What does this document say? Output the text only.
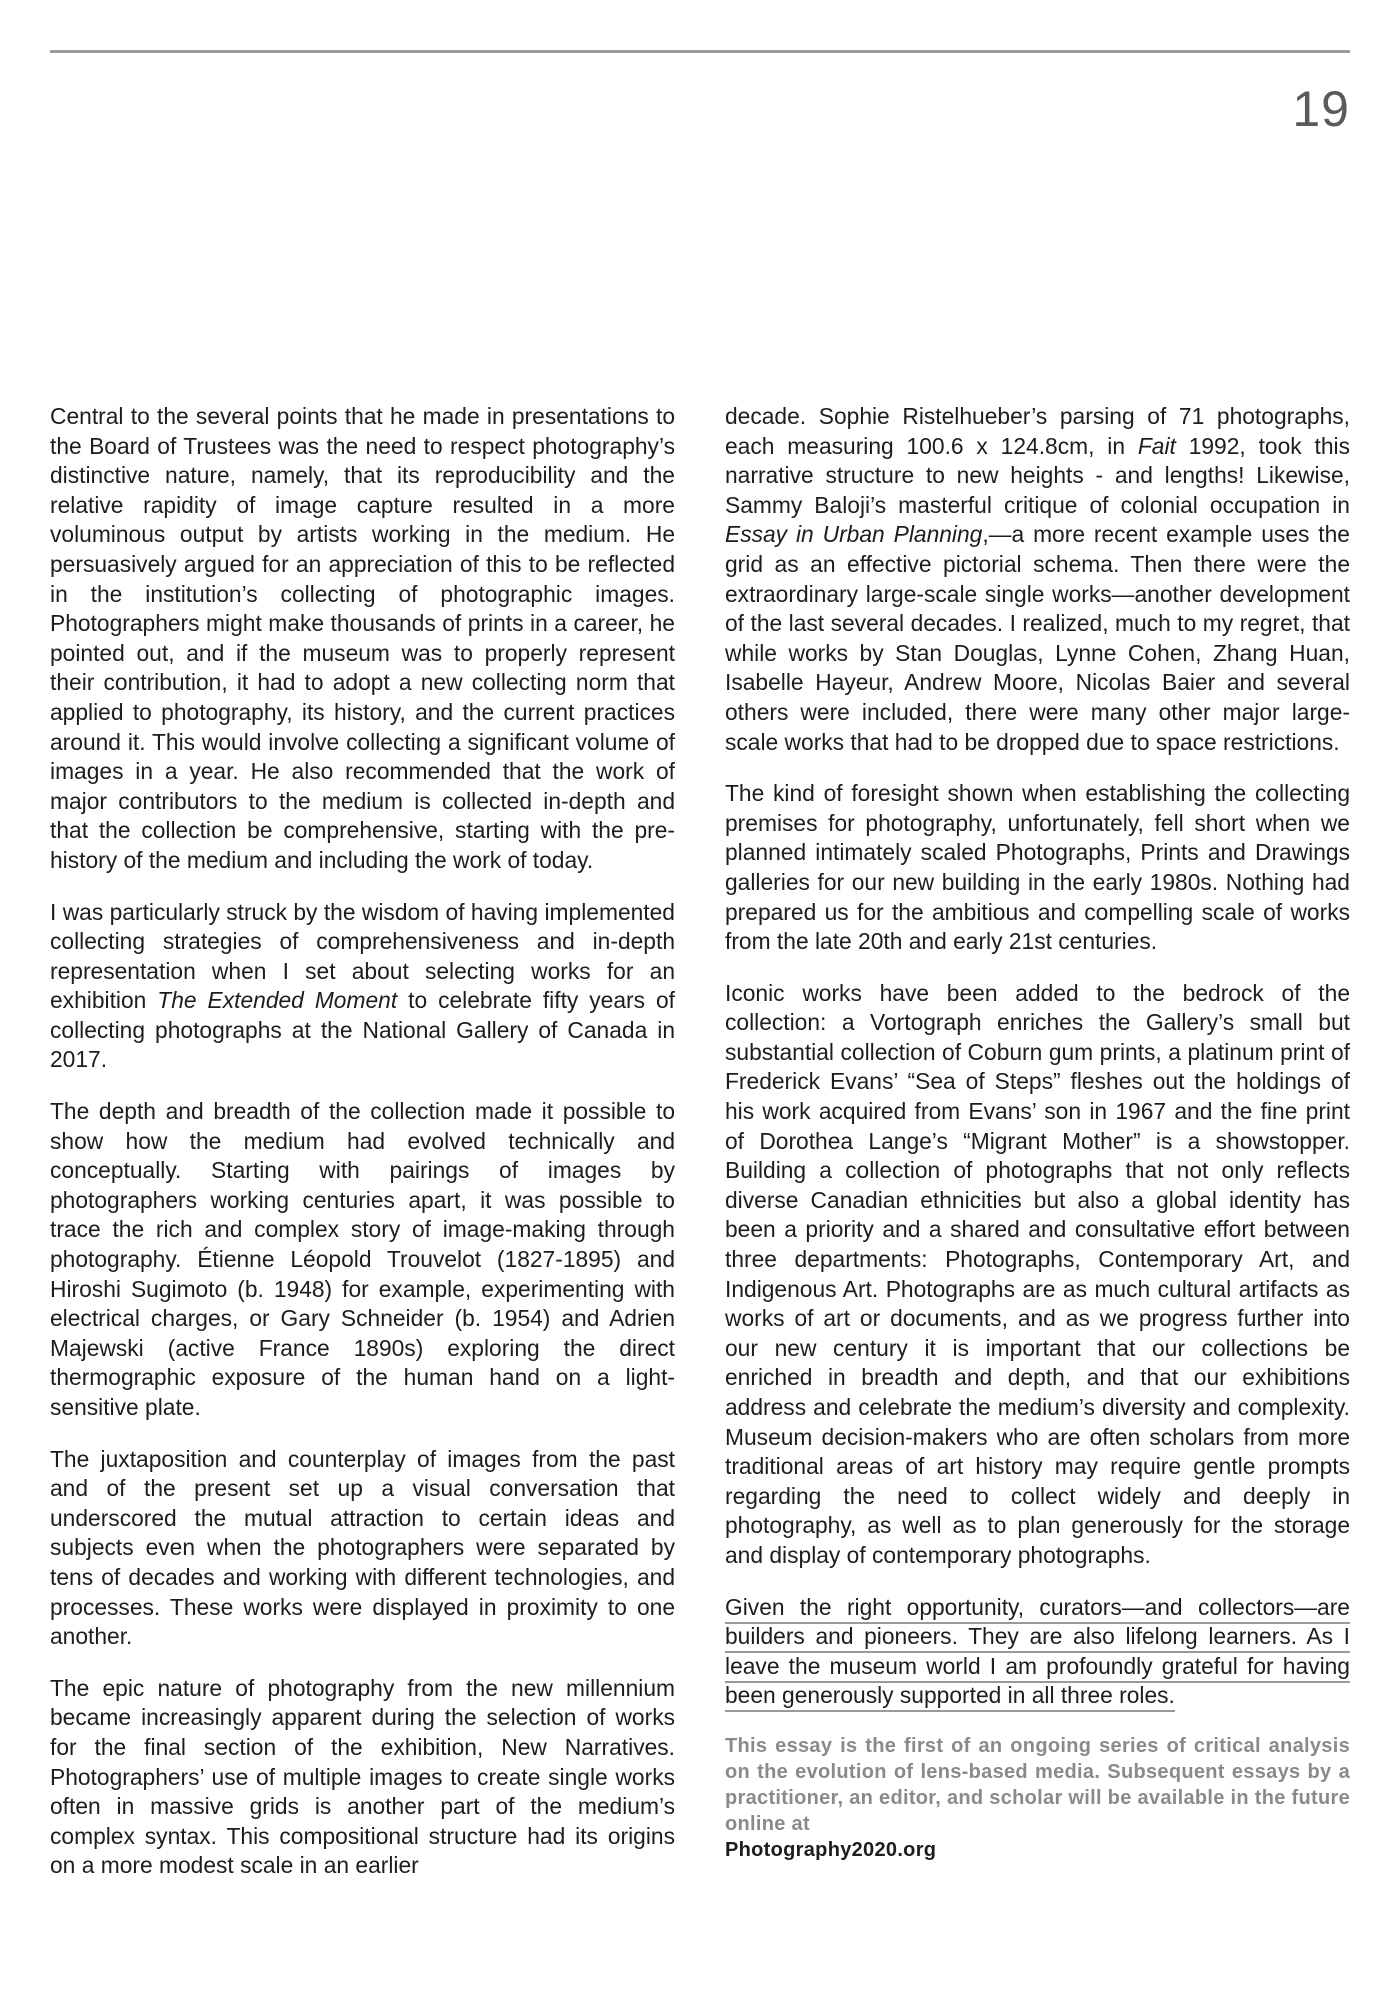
19

Central to the several points that he made in presentations to the Board of Trustees was the need to respect photography’s distinctive nature, namely, that its reproducibility and the relative rapidity of image capture resulted in a more voluminous output by artists working in the medium. He persuasively argued for an appreciation of this to be reflected in the institution’s collecting of photographic images. Photographers might make thousands of prints in a career, he pointed out, and if the museum was to properly represent their contribution, it had to adopt a new collecting norm that applied to photography, its history, and the current practices around it. This would involve collecting a significant volume of images in a year. He also recommended that the work of major contributors to the medium is collected in-depth and that the collection be comprehensive, starting with the pre-history of the medium and including the work of today.

I was particularly struck by the wisdom of having implemented collecting strategies of comprehensiveness and in-depth representation when I set about selecting works for an exhibition The Extended Moment to celebrate fifty years of collecting photographs at the National Gallery of Canada in 2017.

The depth and breadth of the collection made it possible to show how the medium had evolved technically and conceptually. Starting with pairings of images by photographers working centuries apart, it was possible to trace the rich and complex story of image-making through photography. Étienne Léopold Trouvelot (1827-1895) and Hiroshi Sugimoto (b. 1948) for example, experimenting with electrical charges, or Gary Schneider (b. 1954) and Adrien Majewski (active France 1890s) exploring the direct thermographic exposure of the human hand on a light-sensitive plate.

The juxtaposition and counterplay of images from the past and of the present set up a visual conversation that underscored the mutual attraction to certain ideas and subjects even when the photographers were separated by tens of decades and working with different technologies, and processes. These works were displayed in proximity to one another.

The epic nature of photography from the new millennium became increasingly apparent during the selection of works for the final section of the exhibition, New Narratives. Photographers’ use of multiple images to create single works often in massive grids is another part of the medium’s complex syntax. This compositional structure had its origins on a more modest scale in an earlier

decade. Sophie Ristelhueber’s parsing of 71 photographs, each measuring 100.6 x 124.8cm, in Fait 1992, took this narrative structure to new heights - and lengths! Likewise, Sammy Baloji’s masterful critique of colonial occupation in Essay in Urban Planning,—a more recent example uses the grid as an effective pictorial schema. Then there were the extraordinary large-scale single works—another development of the last several decades. I realized, much to my regret, that while works by Stan Douglas, Lynne Cohen, Zhang Huan, Isabelle Hayeur, Andrew Moore, Nicolas Baier and several others were included, there were many other major large-scale works that had to be dropped due to space restrictions.

The kind of foresight shown when establishing the collecting premises for photography, unfortunately, fell short when we planned intimately scaled Photographs, Prints and Drawings galleries for our new building in the early 1980s. Nothing had prepared us for the ambitious and compelling scale of works from the late 20th and early 21st centuries.

Iconic works have been added to the bedrock of the collection: a Vortograph enriches the Gallery’s small but substantial collection of Coburn gum prints, a platinum print of Frederick Evans’ “Sea of Steps” fleshes out the holdings of his work acquired from Evans’ son in 1967 and the fine print of Dorothea Lange’s “Migrant Mother” is a showstopper. Building a collection of photographs that not only reflects diverse Canadian ethnicities but also a global identity has been a priority and a shared and consultative effort between three departments: Photographs, Contemporary Art, and Indigenous Art. Photographs are as much cultural artifacts as works of art or documents, and as we progress further into our new century it is important that our collections be enriched in breadth and depth, and that our exhibitions address and celebrate the medium’s diversity and complexity. Museum decision-makers who are often scholars from more traditional areas of art history may require gentle prompts regarding the need to collect widely and deeply in photography, as well as to plan generously for the storage and display of contemporary photographs.

Given the right opportunity, curators—and collectors—are builders and pioneers. They are also lifelong learners. As I leave the museum world I am profoundly grateful for having been generously supported in all three roles.

This essay is the first of an ongoing series of critical analysis on the evolution of lens-based media. Subsequent essays by a practitioner, an editor, and scholar will be available in the future online at
Photography2020.org
